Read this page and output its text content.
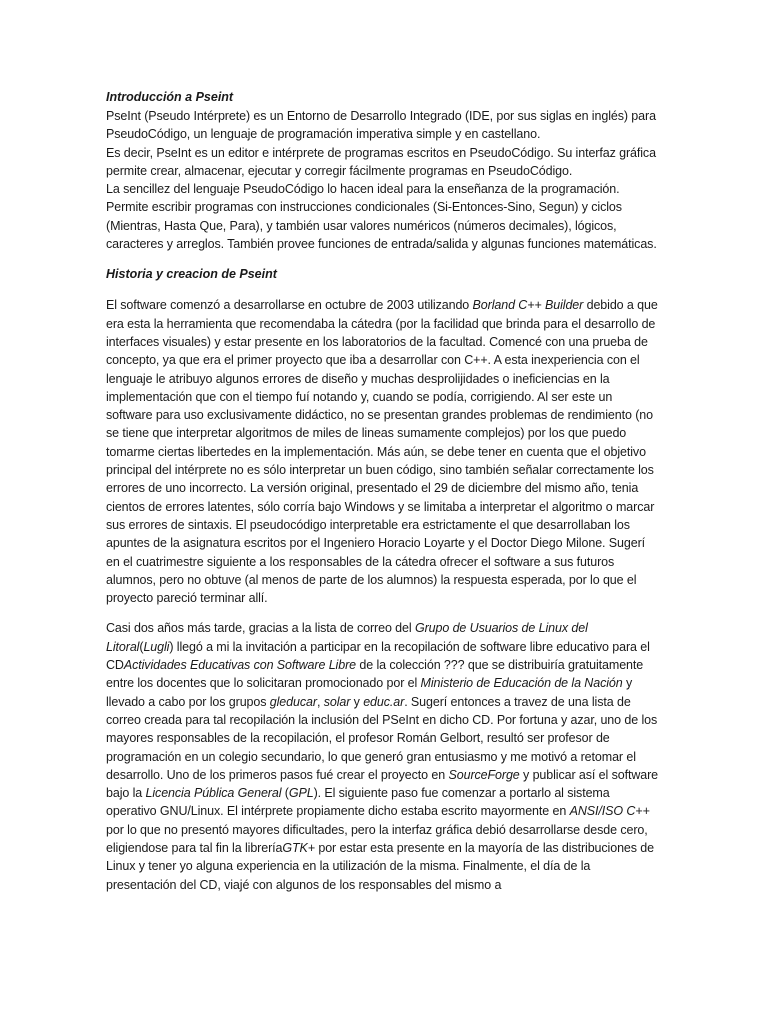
Introducción a Pseint

PseInt (Pseudo Intérprete) es un Entorno de Desarrollo Integrado (IDE, por sus siglas en inglés) para PseudoCódigo, un lenguaje de programación imperativa simple y en castellano.

Es decir, PseInt es un editor e intérprete de programas escritos en PseudoCódigo. Su interfaz gráfica permite crear, almacenar, ejecutar y corregir fácilmente programas en PseudoCódigo.

La sencillez del lenguaje PseudoCódigo lo hacen ideal para la enseñanza de la programación.

Permite escribir programas con instrucciones condicionales (Si-Entonces-Sino, Segun) y ciclos (Mientras, Hasta Que, Para), y también usar valores numéricos (números decimales), lógicos, caracteres y arreglos. También provee funciones de entrada/salida y algunas funciones matemáticas.

Historia y creacion de Pseint

El software comenzó a desarrollarse en octubre de 2003 utilizando Borland C++ Builder debido a que era esta la herramienta que recomendaba la cátedra (por la facilidad que brinda para el desarrollo de interfaces visuales) y estar presente en los laboratorios de la facultad. Comencé con una prueba de concepto, ya que era el primer proyecto que iba a desarrollar con C++. A esta inexperiencia con el lenguaje le atribuyo algunos errores de diseño y muchas desprolijidades o ineficiencias en la implementación que con el tiempo fuí notando y, cuando se podía, corrigiendo. Al ser este un software para uso exclusivamente didáctico, no se presentan grandes problemas de rendimiento (no se tiene que interpretar algoritmos de miles de lineas sumamente complejos) por los que puedo tomarme ciertas libertedes en la implementación. Más aún, se debe tener en cuenta que el objetivo principal del intérprete no es sólo interpretar un buen código, sino también señalar correctamente los errores de uno incorrecto. La versión original, presentado el 29 de diciembre del mismo año, tenia cientos de errores latentes, sólo corría bajo Windows y se limitaba a interpretar el algoritmo o marcar sus errores de sintaxis. El pseudocódigo interpretable era estrictamente el que desarrollaban los apuntes de la asignatura escritos por el Ingeniero Horacio Loyarte y el Doctor Diego Milone. Sugerí en el cuatrimestre siguiente a los responsables de la cátedra ofrecer el software a sus futuros alumnos, pero no obtuve (al menos de parte de los alumnos) la respuesta esperada, por lo que el proyecto pareció terminar allí.

Casi dos años más tarde, gracias a la lista de correo del Grupo de Usuarios de Linux del Litoral(Lugli) llegó a mi la invitación a participar en la recopilación de software libre educativo para el CDActividades Educativas con Software Libre de la colección ??? que se distribuiría gratuitamente entre los docentes que lo solicitaran promocionado por el Ministerio de Educación de la Nación y llevado a cabo por los grupos gleducar, solar y educ.ar. Sugerí entonces a travez de una lista de correo creada para tal recopilación la inclusión del PSeInt en dicho CD. Por fortuna y azar, uno de los mayores responsables de la recopilación, el profesor Román Gelbort, resultó ser profesor de programación en un colegio secundario, lo que generó gran entusiasmo y me motivó a retomar el desarrollo. Uno de los primeros pasos fué crear el proyecto en SourceForge y publicar así el software bajo la Licencia Pública General (GPL). El siguiente paso fue comenzar a portarlo al sistema operativo GNU/Linux. El intérprete propiamente dicho estaba escrito mayormente en ANSI/ISO C++ por lo que no presentó mayores dificultades, pero la interfaz gráfica debió desarrollarse desde cero, eligiendose para tal fin la libreríaGTK+ por estar esta presente en la mayoría de las distribuciones de Linux y tener yo alguna experiencia en la utilización de la misma. Finalmente, el día de la presentación del CD, viajé con algunos de los responsables del mismo a
